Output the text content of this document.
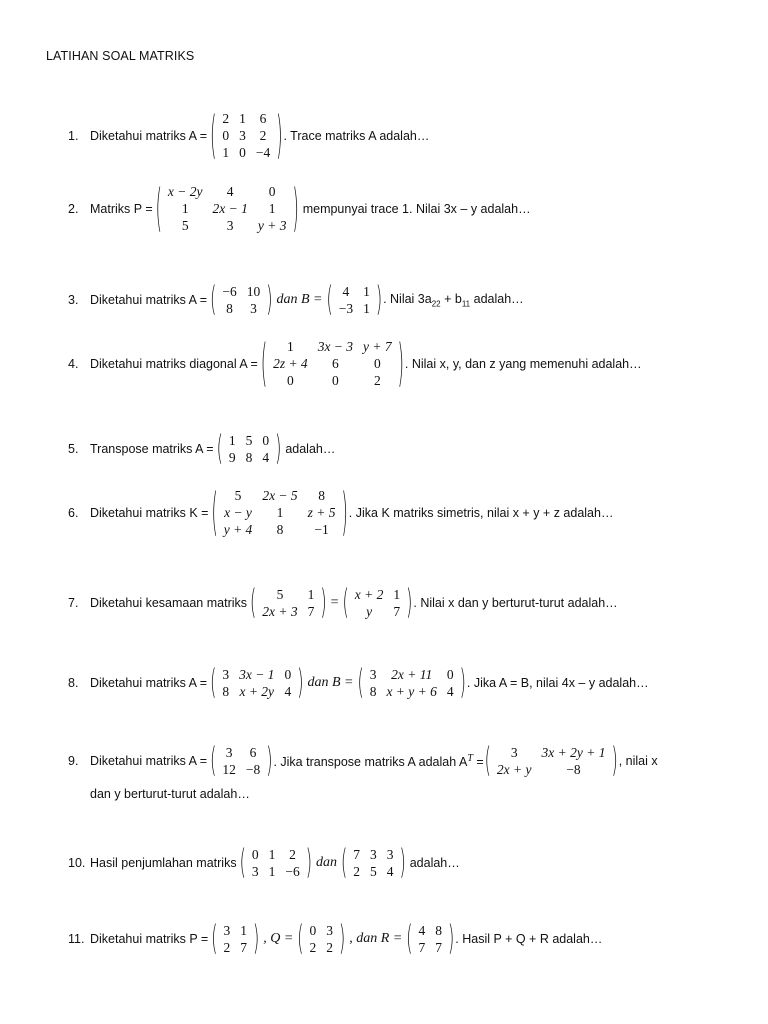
LATIHAN SOAL MATRIKS
1. Diketahui matriks A = ( 2	1	6
0	3	2
1	0	−4 ) . Trace matriks A adalah…
2. Matriks P = ( x − 2y	4	0
1	2x − 1	1
5	3	y + 3 ) mempunyai trace 1. Nilai 3x – y adalah…
3. Diketahui matriks A = ( −6	10
8	3 ) dan B = ( 4	1
−3	1 ) . Nilai $3a_{22} + b_{11}$ adalah…
4. Diketahui matriks diagonal A = ( 1	3x − 3	y + 7
2z + 4	6	0
0	0	2 ) . Nilai x, y, dan z yang memenuhi adalah…
5. Transpose matriks A = ( 1	5	0
9	8	4 ) adalah…
6. Diketahui matriks K = ( 5	2x − 5	8
x − y	1	z + 5
y + 4	8	−1 ) . Jika K matriks simetris, nilai x + y + z adalah…
7. Diketahui kesamaan matriks ( 5	1
2x + 3	7 ) = ( x + 2	1
y	7 ) . Nilai x dan y berturut-turut adalah…
8. Diketahui matriks A = ( 3	3x − 1	0
8	x + 2y	4 ) dan B = ( 3	2x + 11	0
8	x + y + 6	4 ) . Jika A = B, nilai 4x – y adalah…
9. Diketahui matriks A = ( 3	6
12	−8 ) . Jika transpose matriks A adalah $A^T$ = ( 3	3x + 2y + 1
2x + y	−8 ) , nilai x
dan y berturut-turut adalah…
10. Hasil penjumlahan matriks ( 0	1	2
3	1	−6 ) dan ( 7	3	3
2	5	4 ) adalah…
11. Diketahui matriks P = ( 3	1
2	7 ) , Q = ( 0	3
2	2 ) , dan R = ( 4	8
7	7 ) . Hasil P + Q + R adalah…
